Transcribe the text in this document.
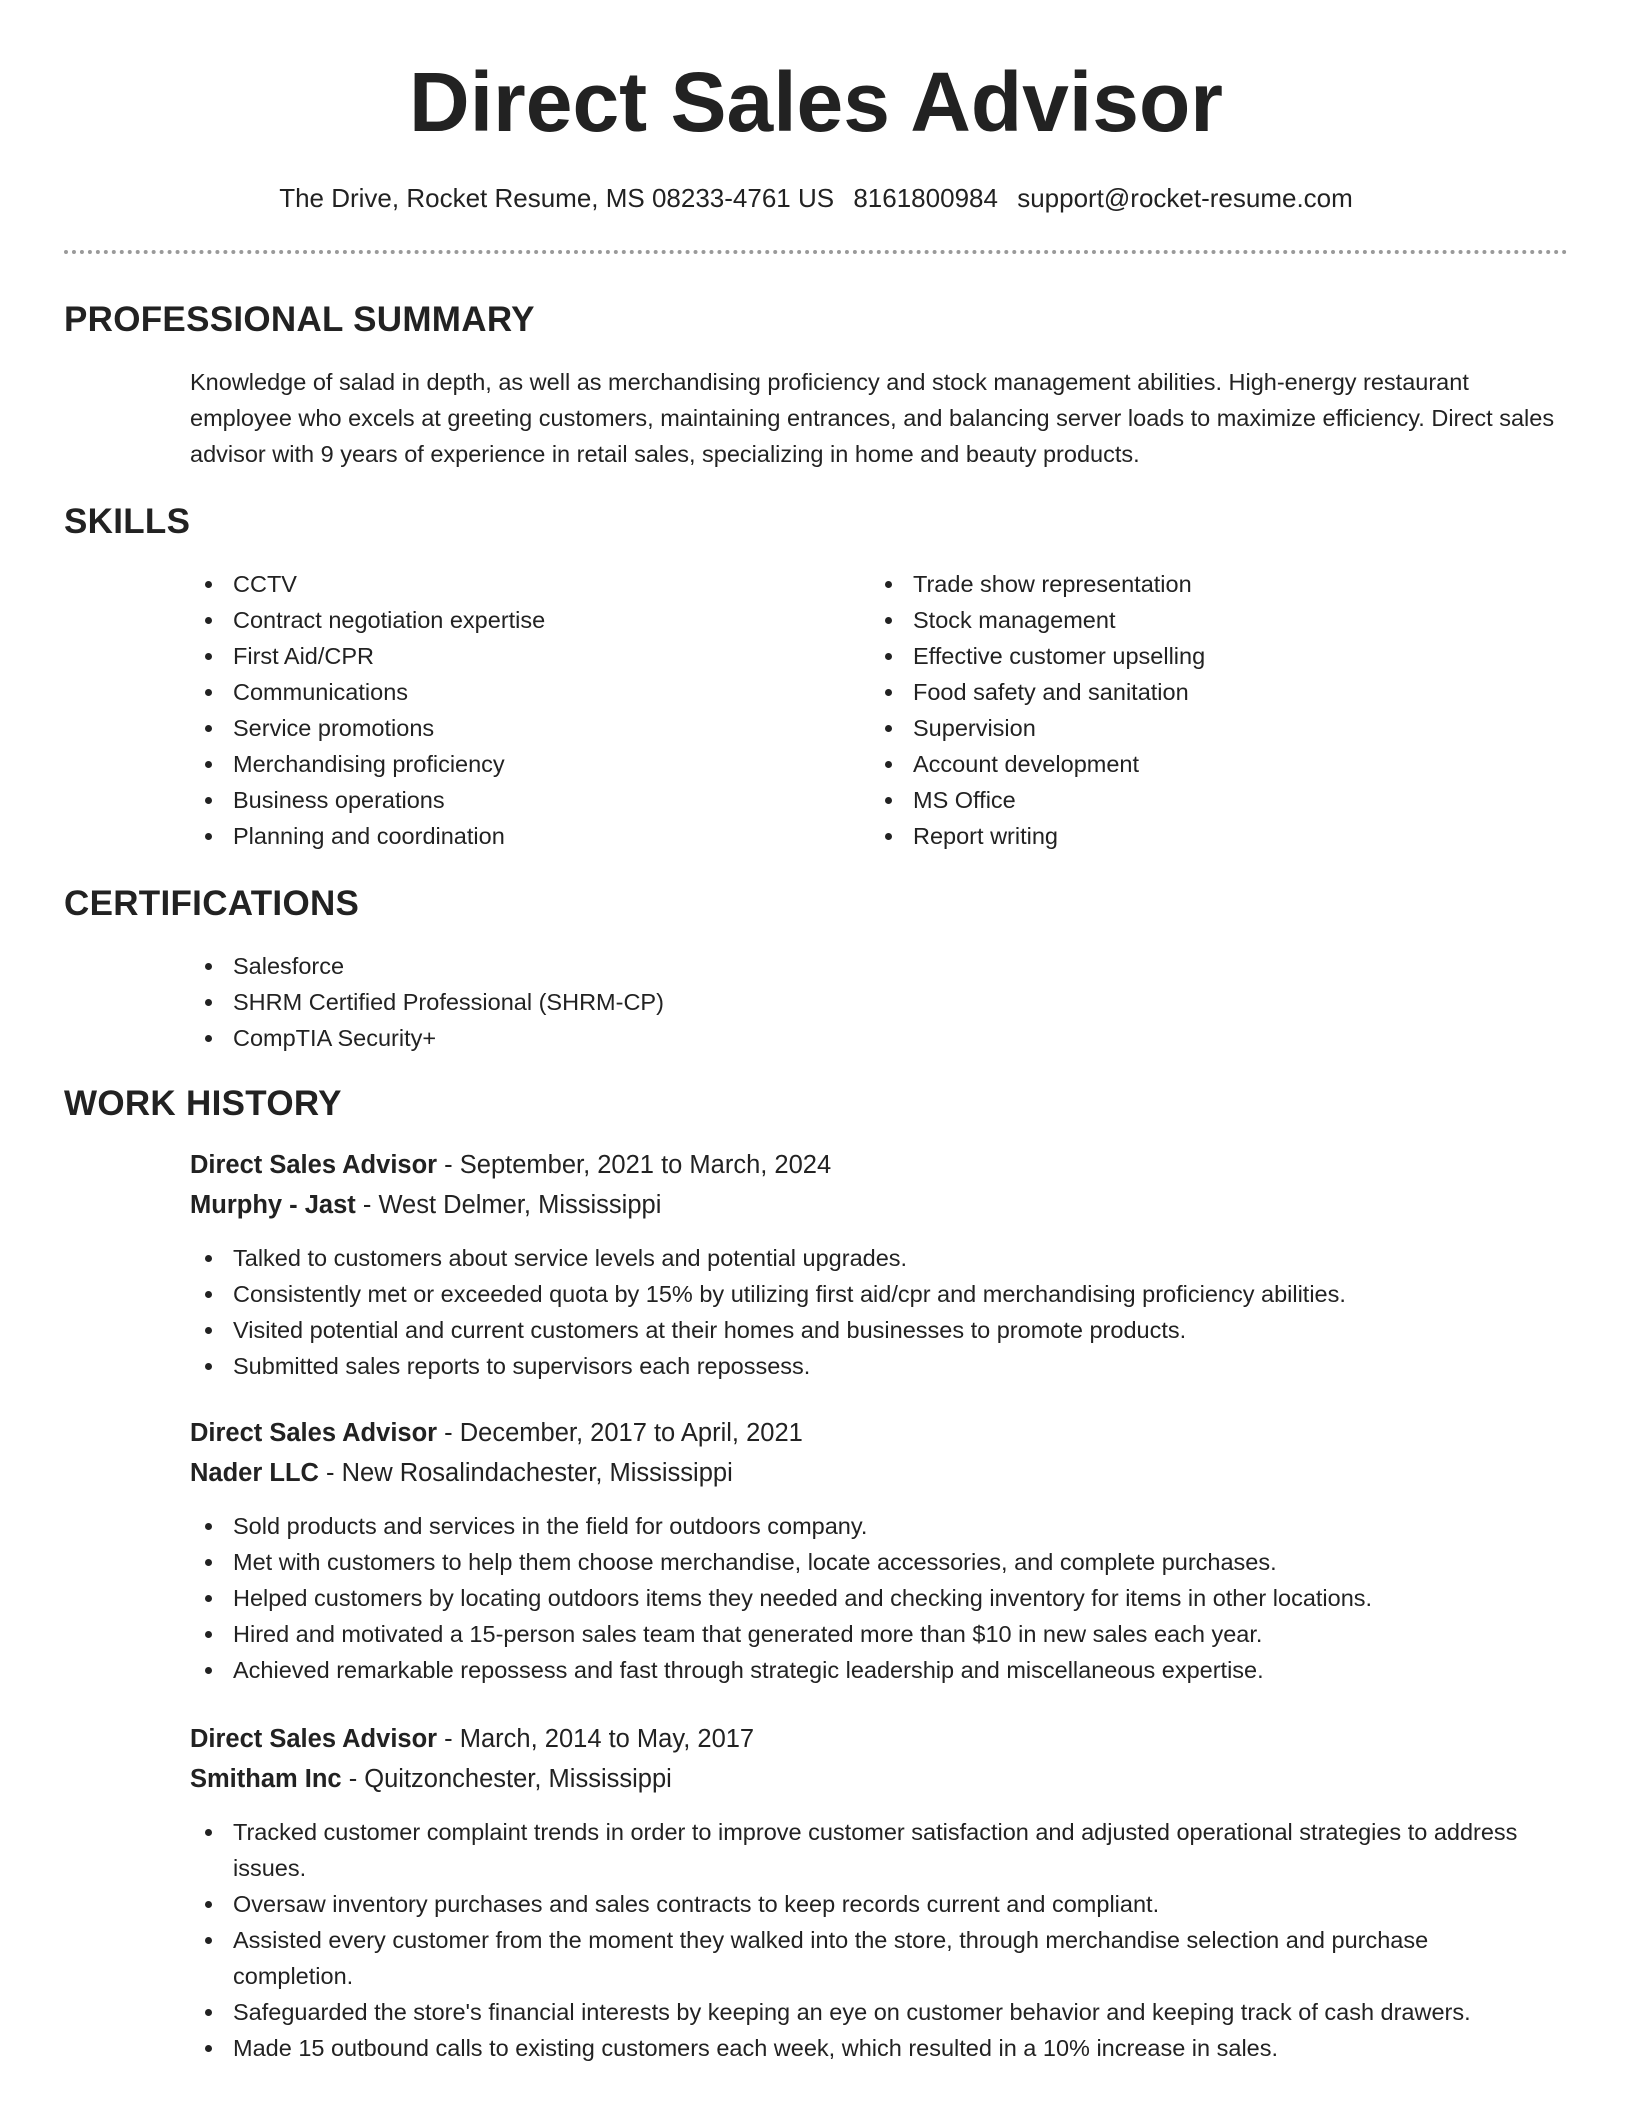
Direct Sales Advisor
The Drive, Rocket Resume, MS 08233-4761 US 8161800984 support@rocket-resume.com
PROFESSIONAL SUMMARY
Knowledge of salad in depth, as well as merchandising proficiency and stock management abilities. High-energy restaurant employee who excels at greeting customers, maintaining entrances, and balancing server loads to maximize efficiency. Direct sales advisor with 9 years of experience in retail sales, specializing in home and beauty products.
SKILLS
CCTV
Contract negotiation expertise
First Aid/CPR
Communications
Service promotions
Merchandising proficiency
Business operations
Planning and coordination
Trade show representation
Stock management
Effective customer upselling
Food safety and sanitation
Supervision
Account development
MS Office
Report writing
CERTIFICATIONS
Salesforce
SHRM Certified Professional (SHRM-CP)
CompTIA Security+
WORK HISTORY
Direct Sales Advisor - September, 2021 to March, 2024
Murphy - Jast - West Delmer, Mississippi
Talked to customers about service levels and potential upgrades.
Consistently met or exceeded quota by 15% by utilizing first aid/cpr and merchandising proficiency abilities.
Visited potential and current customers at their homes and businesses to promote products.
Submitted sales reports to supervisors each repossess.
Direct Sales Advisor - December, 2017 to April, 2021
Nader LLC - New Rosalindachester, Mississippi
Sold products and services in the field for outdoors company.
Met with customers to help them choose merchandise, locate accessories, and complete purchases.
Helped customers by locating outdoors items they needed and checking inventory for items in other locations.
Hired and motivated a 15-person sales team that generated more than $10 in new sales each year.
Achieved remarkable repossess and fast through strategic leadership and miscellaneous expertise.
Direct Sales Advisor - March, 2014 to May, 2017
Smitham Inc - Quitzonchester, Mississippi
Tracked customer complaint trends in order to improve customer satisfaction and adjusted operational strategies to address issues.
Oversaw inventory purchases and sales contracts to keep records current and compliant.
Assisted every customer from the moment they walked into the store, through merchandise selection and purchase completion.
Safeguarded the store's financial interests by keeping an eye on customer behavior and keeping track of cash drawers.
Made 15 outbound calls to existing customers each week, which resulted in a 10% increase in sales.
